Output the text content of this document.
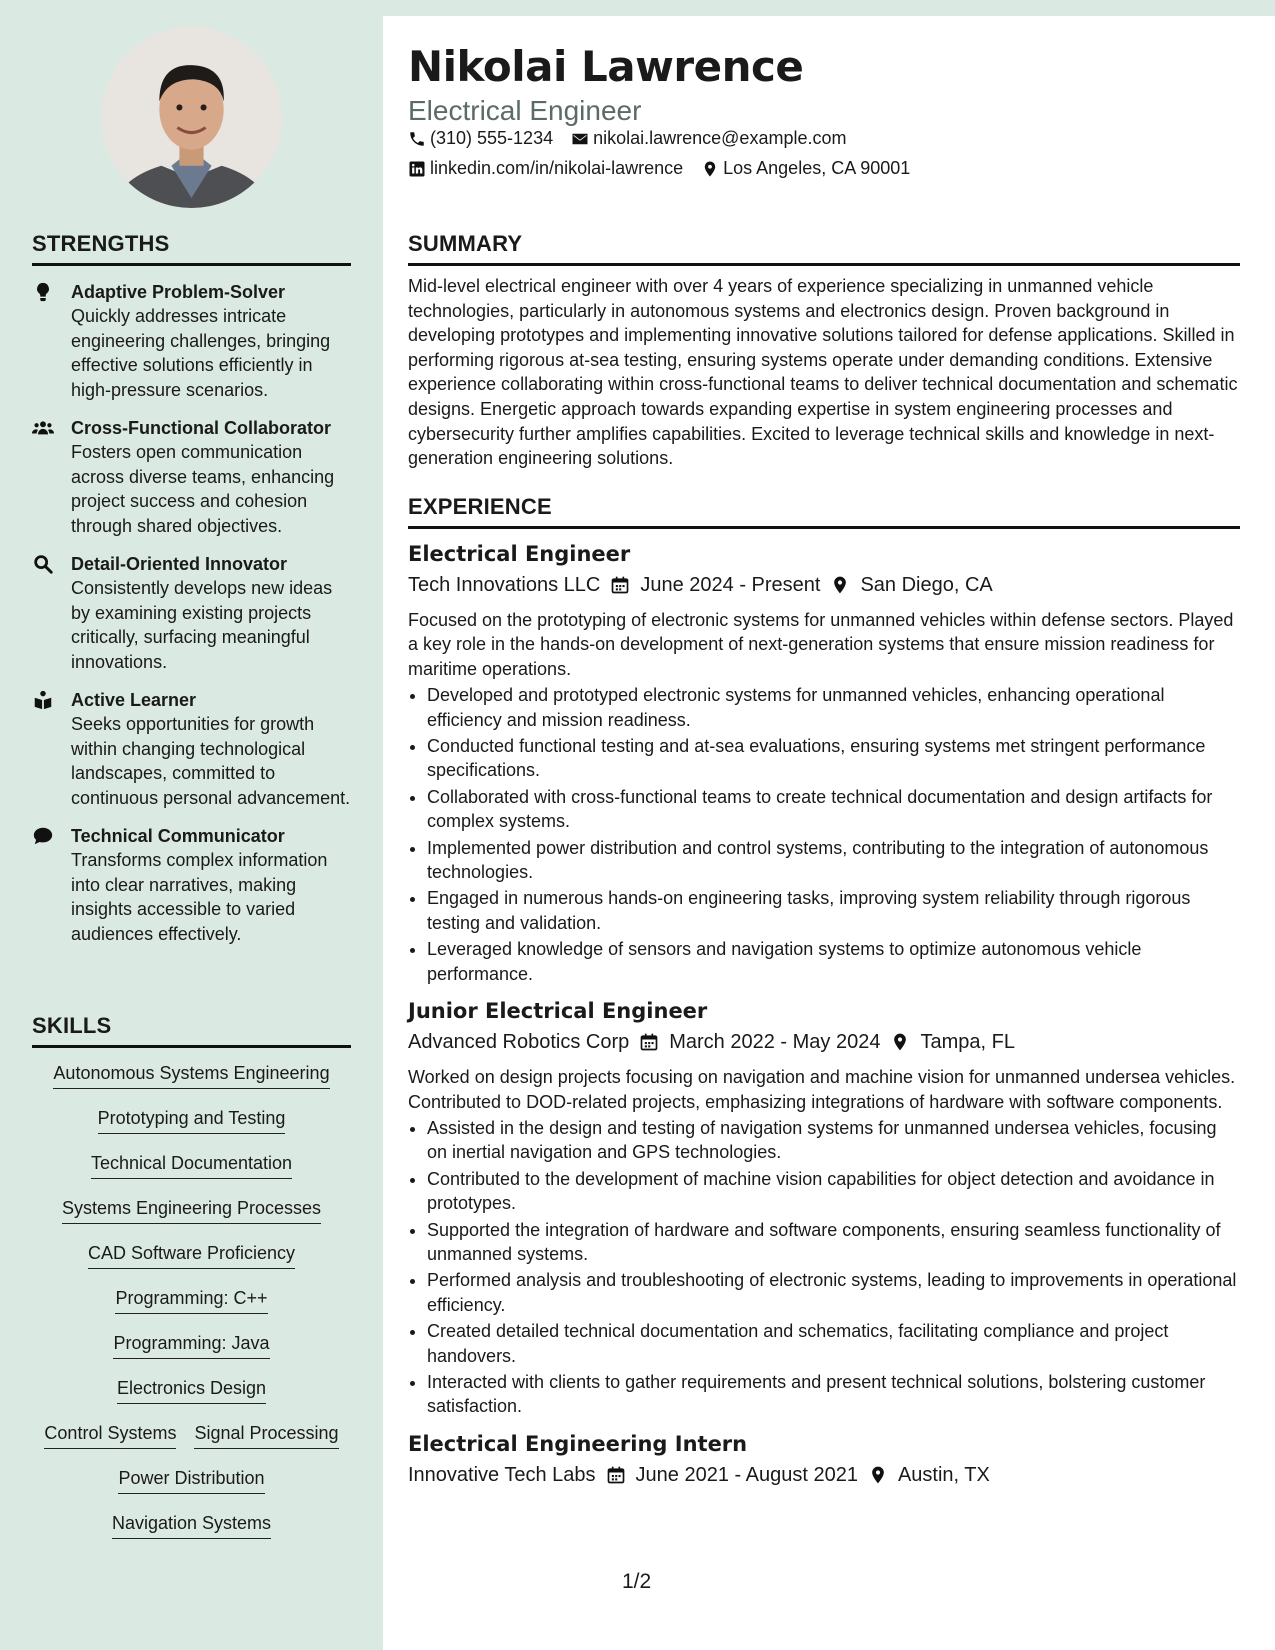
Nikolai Lawrence
Electrical Engineer
(310) 555-1234 nikolai.lawrence@example.com
linkedin.com/in/nikolai-lawrence Los Angeles, CA 90001
STRENGTHS
Adaptive Problem-Solver
Quickly addresses intricate engineering challenges, bringing effective solutions efficiently in high-pressure scenarios.
Cross-Functional Collaborator
Fosters open communication across diverse teams, enhancing project success and cohesion through shared objectives.
Detail-Oriented Innovator
Consistently develops new ideas by examining existing projects critically, surfacing meaningful innovations.
Active Learner
Seeks opportunities for growth within changing technological landscapes, committed to continuous personal advancement.
Technical Communicator
Transforms complex information into clear narratives, making insights accessible to varied audiences effectively.
SKILLS
Autonomous Systems Engineering
Prototyping and Testing
Technical Documentation
Systems Engineering Processes
CAD Software Proficiency
Programming: C++
Programming: Java
Electronics Design
Control Systems Signal Processing
Power Distribution
Navigation Systems
SUMMARY

Mid-level electrical engineer with over 4 years of experience specializing in unmanned vehicle technologies, particularly in autonomous systems and electronics design. Proven background in developing prototypes and implementing innovative solutions tailored for defense applications. Skilled in performing rigorous at-sea testing, ensuring systems operate under demanding conditions. Extensive experience collaborating within cross-functional teams to deliver technical documentation and schematic designs. Energetic approach towards expanding expertise in system engineering processes and cybersecurity further amplifies capabilities. Excited to leverage technical skills and knowledge in next-generation engineering solutions.

EXPERIENCE
Electrical Engineer
Tech Innovations LLC June 2024 - Present San Diego, CA

Focused on the prototyping of electronic systems for unmanned vehicles within defense sectors. Played a key role in the hands-on development of next-generation systems that ensure mission readiness for maritime operations.

• Developed and prototyped electronic systems for unmanned vehicles, enhancing operational efficiency and mission readiness.
• Conducted functional testing and at-sea evaluations, ensuring systems met stringent performance specifications.
• Collaborated with cross-functional teams to create technical documentation and design artifacts for complex systems.
• Implemented power distribution and control systems, contributing to the integration of autonomous technologies.
• Engaged in numerous hands-on engineering tasks, improving system reliability through rigorous testing and validation.
• Leveraged knowledge of sensors and navigation systems to optimize autonomous vehicle performance.
Junior Electrical Engineer
Advanced Robotics Corp March 2022 - May 2024 Tampa, FL

Worked on design projects focusing on navigation and machine vision for unmanned undersea vehicles. Contributed to DOD-related projects, emphasizing integrations of hardware with software components.

• Assisted in the design and testing of navigation systems for unmanned undersea vehicles, focusing on inertial navigation and GPS technologies.
• Contributed to the development of machine vision capabilities for object detection and avoidance in prototypes.
• Supported the integration of hardware and software components, ensuring seamless functionality of unmanned systems.
• Performed analysis and troubleshooting of electronic systems, leading to improvements in operational efficiency.
• Created detailed technical documentation and schematics, facilitating compliance and project handovers.
• Interacted with clients to gather requirements and present technical solutions, bolstering customer satisfaction.
Electrical Engineering Intern
Innovative Tech Labs June 2021 - August 2021 Austin, TX
1/2
